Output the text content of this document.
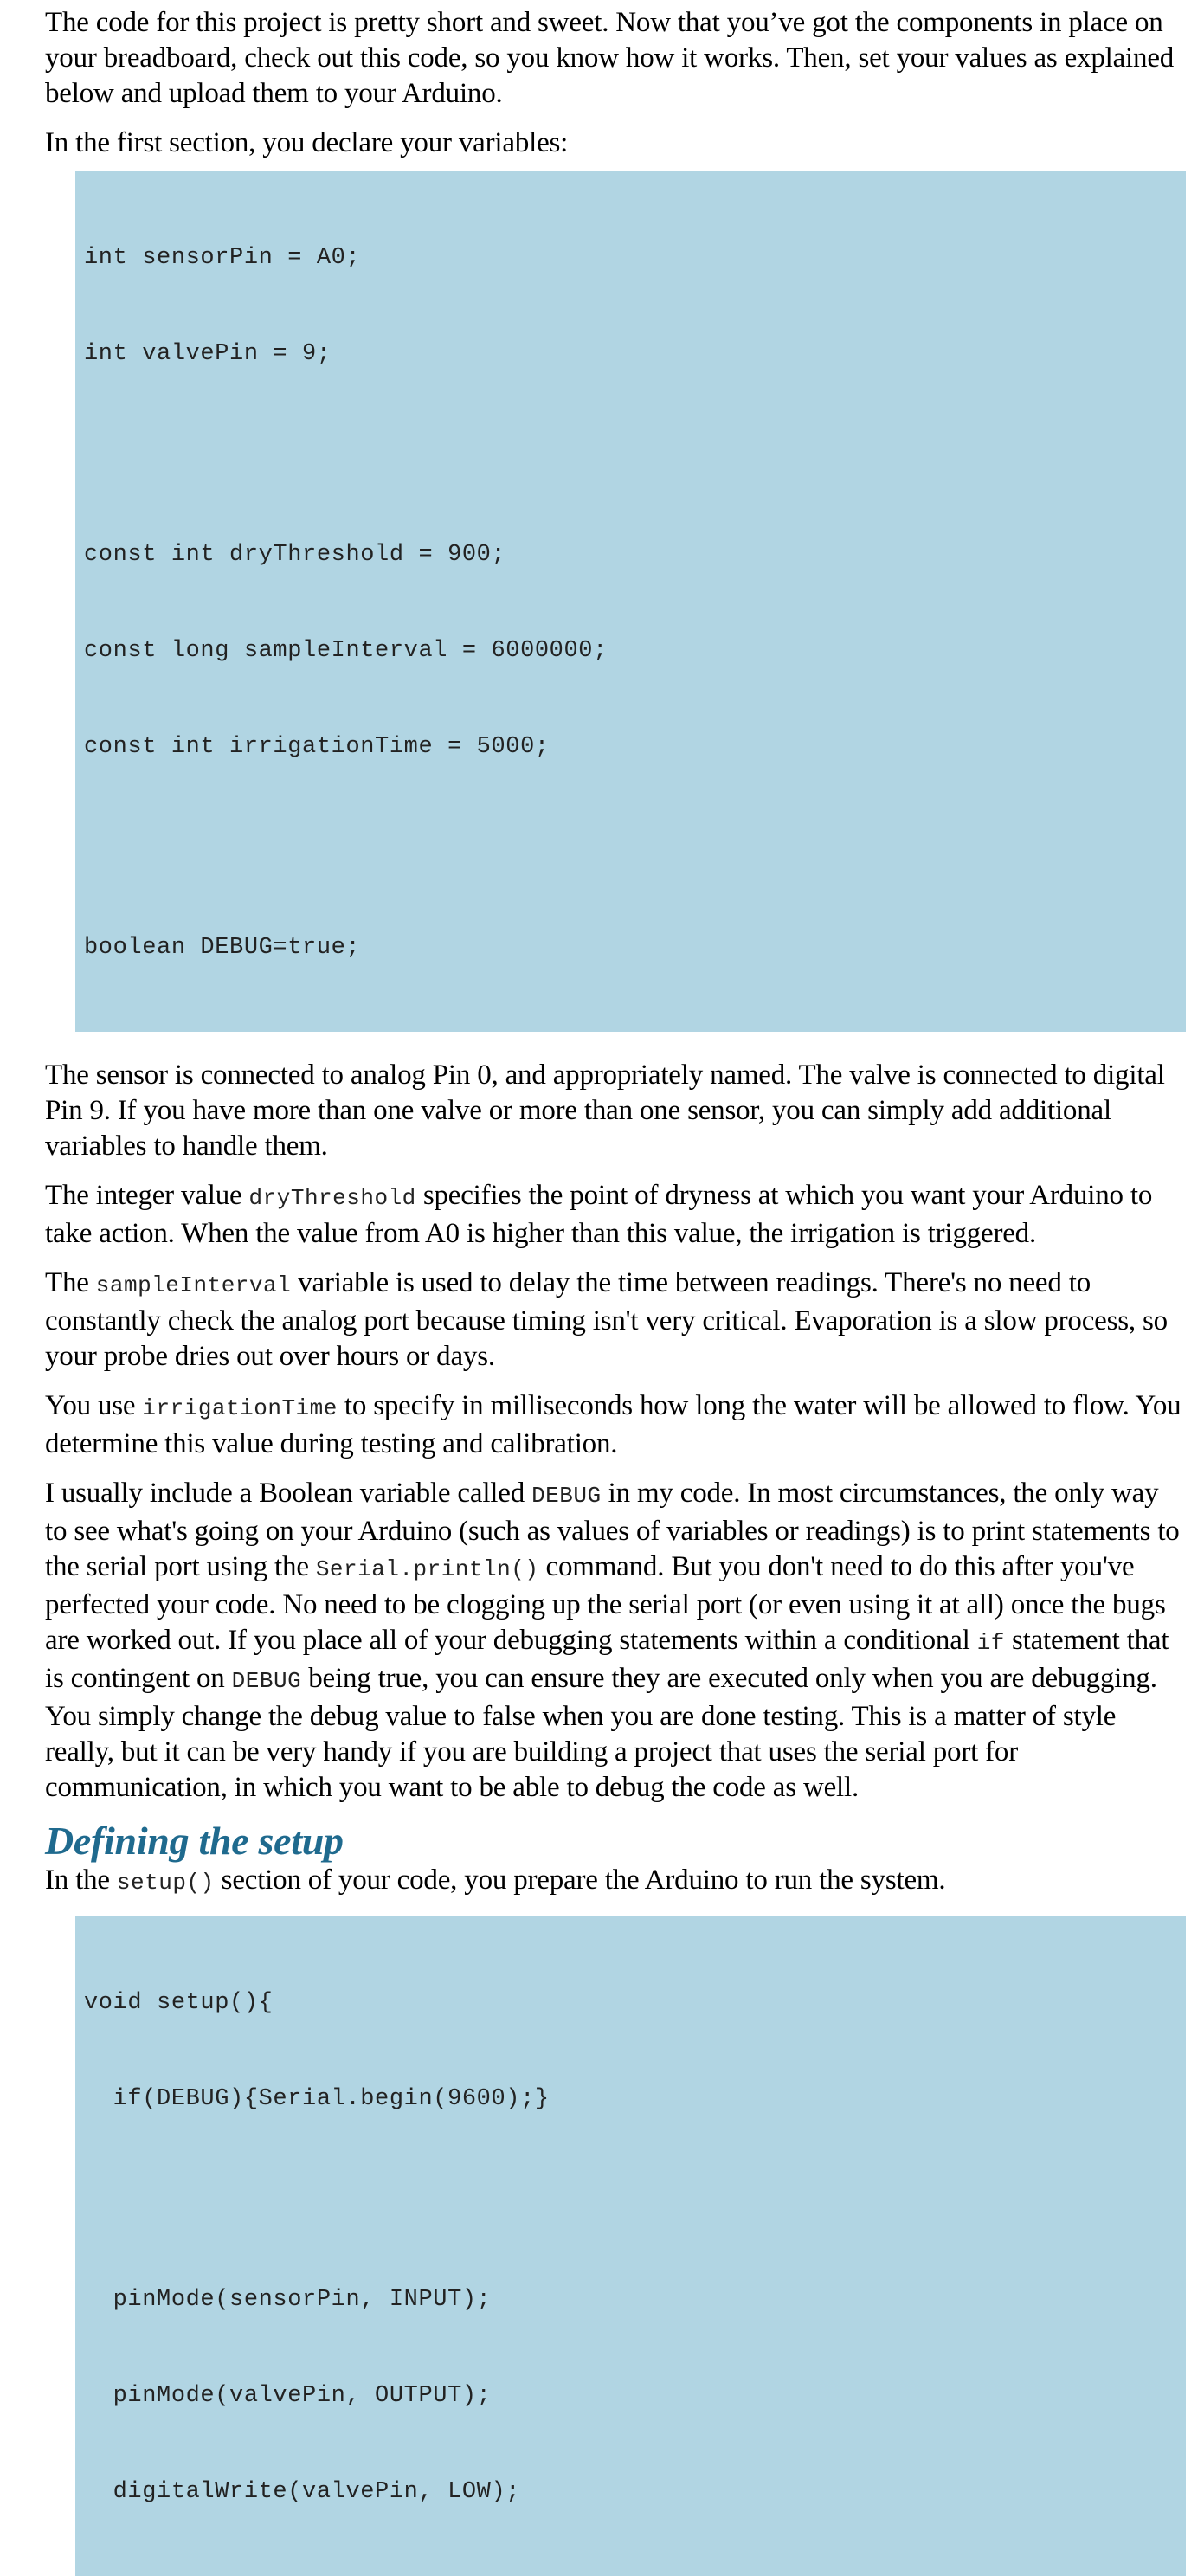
The code for this project is pretty short and sweet. Now that you’ve got the components in place on your breadboard, check out this code, so you know how it works. Then, set your values as explained below and upload them to your Arduino.

In the first section, you declare your variables:

int sensorPin = A0;

int valvePin = 9;

const int dryThreshold = 900;

const long sampleInterval = 6000000;

const int irrigationTime = 5000;

boolean DEBUG=true;

The sensor is connected to analog Pin 0, and appropriately named. The valve is connected to digital Pin 9. If you have more than one valve or more than one sensor, you can simply add additional variables to handle them.

The integer value dryThreshold specifies the point of dryness at which you want your Arduino to take action. When the value from A0 is higher than this value, the irrigation is triggered.

The sampleInterval variable is used to delay the time between readings. There's no need to constantly check the analog port because timing isn't very critical. Evaporation is a slow process, so your probe dries out over hours or days.

You use irrigationTime to specify in milliseconds how long the water will be allowed to flow. You determine this value during testing and calibration.

I usually include a Boolean variable called DEBUG in my code. In most circumstances, the only way to see what's going on your Arduino (such as values of variables or readings) is to print statements to the serial port using the Serial.println() command. But you don't need to do this after you've perfected your code. No need to be clogging up the serial port (or even using it at all) once the bugs are worked out. If you place all of your debugging statements within a conditional if statement that is contingent on DEBUG being true, you can ensure they are executed only when you are debugging. You simply change the debug value to false when you are done testing. This is a matter of style really, but it can be very handy if you are building a project that uses the serial port for communication, in which you want to be able to debug the code as well.

Defining the setup

In the setup() section of your code, you prepare the Arduino to run the system.

void setup(){

if(DEBUG){Serial.begin(9600);}

pinMode(sensorPin, INPUT);

pinMode(valvePin, OUTPUT);

digitalWrite(valvePin, LOW);
